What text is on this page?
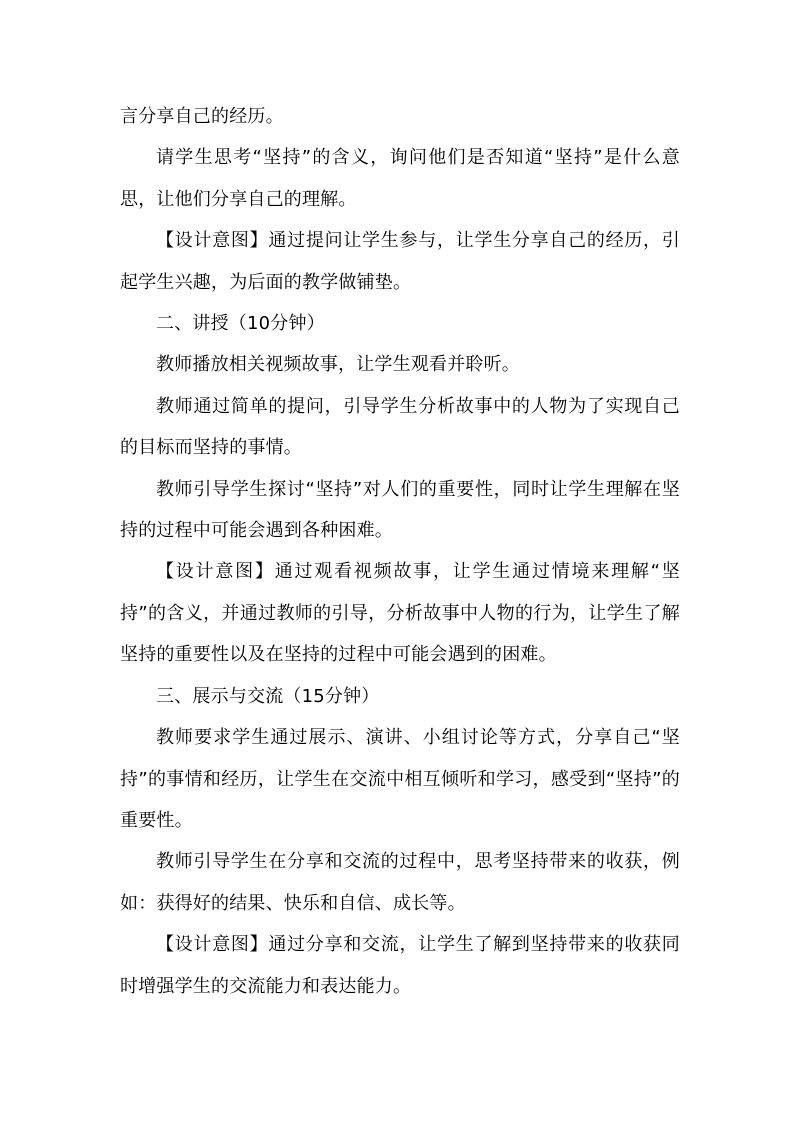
言分享自己的经历。

请学生思考“坚持”的含义，询问他们是否知道“坚持”是什么意思，让他们分享自己的理解。

【设计意图】通过提问让学生参与，让学生分享自己的经历，引起学生兴趣，为后面的教学做铺垫。

二、讲授（10分钟）

教师播放相关视频故事，让学生观看并聆听。

教师通过简单的提问，引导学生分析故事中的人物为了实现自己的目标而坚持的事情。

教师引导学生探讨“坚持”对人们的重要性，同时让学生理解在坚持的过程中可能会遇到各种困难。

【设计意图】通过观看视频故事，让学生通过情境来理解“坚持”的含义，并通过教师的引导，分析故事中人物的行为，让学生了解坚持的重要性以及在坚持的过程中可能会遇到的困难。

三、展示与交流（15分钟）

教师要求学生通过展示、演讲、小组讨论等方式，分享自己“坚持”的事情和经历，让学生在交流中相互倾听和学习，感受到“坚持”的重要性。

教师引导学生在分享和交流的过程中，思考坚持带来的收获，例如：获得好的结果、快乐和自信、成长等。

【设计意图】通过分享和交流，让学生了解到坚持带来的收获同时增强学生的交流能力和表达能力。
